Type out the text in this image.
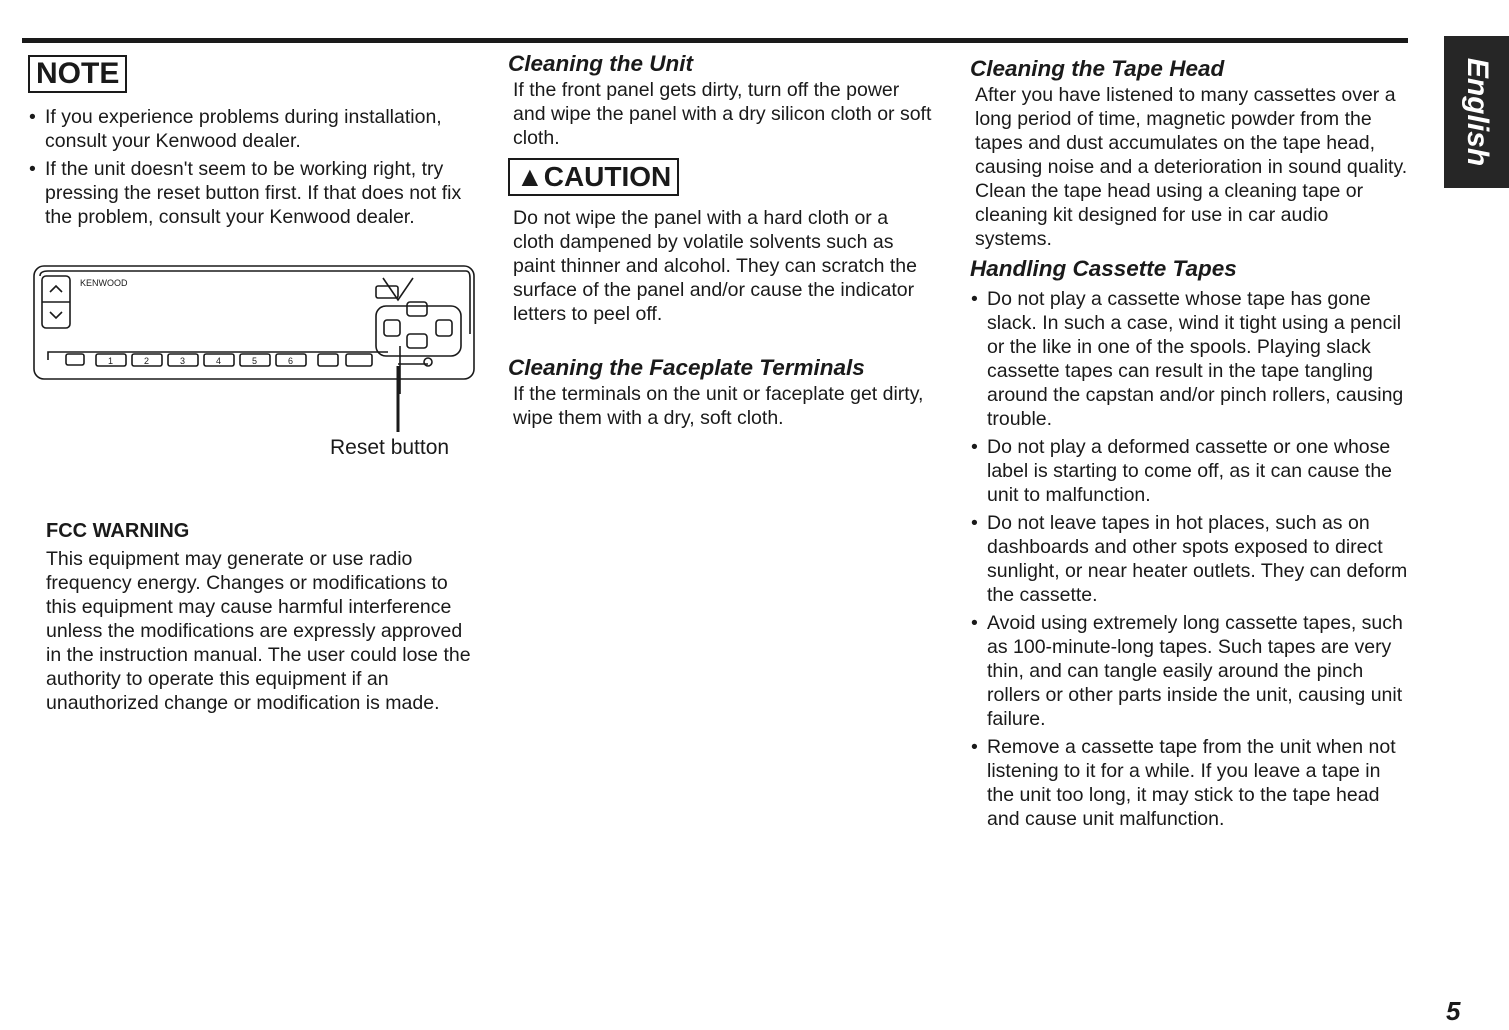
English
NOTE
• If you experience problems during installation, consult your Kenwood dealer.
• If the unit doesn't seem to be working right, try pressing the reset button first. If that does not fix the problem, consult your Kenwood dealer.
KENWOOD
1	2	3	4	5	6
Reset button
FCC WARNING

This equipment may generate or use radio frequency energy. Changes or modifications to this equipment may cause harmful interference unless the modifications are expressly approved in the instruction manual. The user could lose the authority to operate this equipment if an unauthorized change or modification is made.

Cleaning the Unit

If the front panel gets dirty, turn off the power and wipe the panel with a dry silicon cloth or soft cloth.

▲CAUTION

Do not wipe the panel with a hard cloth or a cloth dampened by volatile solvents such as paint thinner and alcohol. They can scratch the surface of the panel and/or cause the indicator letters to peel off.

Cleaning the Faceplate Terminals

If the terminals on the unit or faceplate get dirty, wipe them with a dry, soft cloth.

Cleaning the Tape Head

After you have listened to many cassettes over a long period of time, magnetic powder from the tapes and dust accumulates on the tape head, causing noise and a deterioration in sound quality. Clean the tape head using a cleaning tape or cleaning kit designed for use in car audio systems.

Handling Cassette Tapes
• Do not play a cassette whose tape has gone slack. In such a case, wind it tight using a pencil or the like in one of the spools. Playing slack cassette tapes can result in the tape tangling around the capstan and/or pinch rollers, causing trouble.
• Do not play a deformed cassette or one whose label is starting to come off, as it can cause the unit to malfunction.
• Do not leave tapes in hot places, such as on dashboards and other spots exposed to direct sunlight, or near heater outlets. They can deform the cassette.
• Avoid using extremely long cassette tapes, such as 100-minute-long tapes. Such tapes are very thin, and can tangle easily around the pinch rollers or other parts inside the unit, causing unit failure.
• Remove a cassette tape from the unit when not listening to it for a while. If you leave a tape in the unit too long, it may stick to the tape head and cause unit malfunction.
5
